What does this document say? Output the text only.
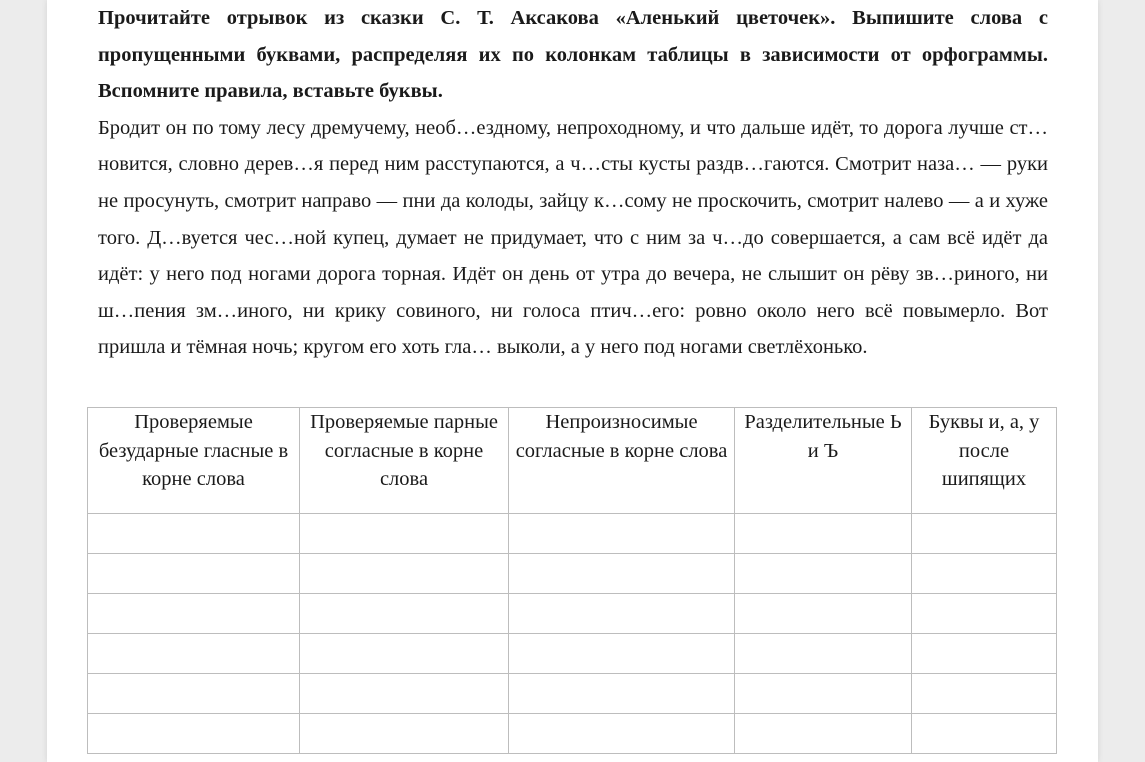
Прочитайте отрывок из сказки С. Т. Аксакова «Аленький цветочек». Выпишите слова с пропущенными буквами, распределяя их по колонкам таблицы в зависимости от орфограммы. Вспомните правила, вставьте буквы.

Бродит он по тому лесу дремучему, необ…ездному, непроходному, и что дальше идёт, то дорога лучше ст…новится, словно дерев…я перед ним расступаются, а ч…сты кусты раздв…гаются. Смотрит наза… — руки не просунуть, смотрит направо — пни да колоды, зайцу к…сому не проскочить, смотрит налево — а и хуже того. Д…вуется чес…ной купец, думает не придумает, что с ним за ч…до совершается, а сам всё идёт да идёт: у него под ногами дорога торная. Идёт он день от утра до вечера, не слышит он рёву зв…риного, ни ш…пения зм…иного, ни крику совиного, ни голоса птич…его: ровно около него всё повымерло. Вот пришла и тёмная ночь; кругом его хоть гла… выколи, а у него под ногами светлёхонько.

Проверяемые безударные гласные в корне слова	Проверяемые парные согласные в корне слова	Непроизносимые согласные в корне слова	Разделительные Ь и Ъ	Буквы и, а, у после шипящих
